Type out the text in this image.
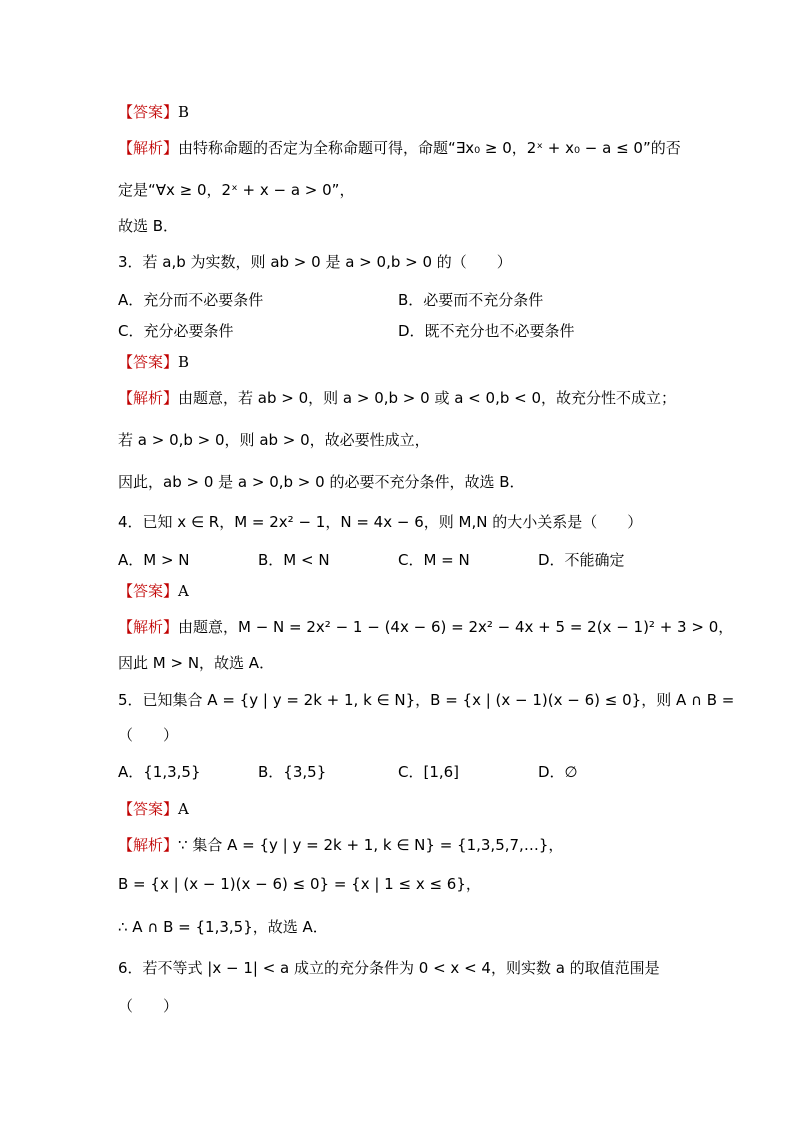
【答案】B
【解析】由特称命题的否定为全称命题可得，命题“∃x₀ ≥ 0，2ˣ + x₀ − a ≤ 0”的否
定是“∀x ≥ 0，2ˣ + x − a > 0”，
故选 B．
3．若 a,b 为实数，则 ab > 0 是 a > 0,b > 0 的（　　）
A．充分而不必要条件	B．必要而不充分条件
C．充分必要条件	D．既不充分也不必要条件
【答案】B
【解析】由题意，若 ab > 0，则 a > 0,b > 0 或 a < 0,b < 0，故充分性不成立；
若 a > 0,b > 0，则 ab > 0，故必要性成立，
因此，ab > 0 是 a > 0,b > 0 的必要不充分条件，故选 B．
4．已知 x ∈ R，M = 2x² − 1，N = 4x − 6，则 M,N 的大小关系是（　　）
A．M > N	B．M < N	C．M = N	D．不能确定
【答案】A
【解析】由题意，M − N = 2x² − 1 − (4x − 6) = 2x² − 4x + 5 = 2(x − 1)² + 3 > 0，
因此 M > N，故选 A．
5．已知集合 A = {y | y = 2k + 1, k ∈ N}，B = {x | (x − 1)(x − 6) ≤ 0}，则 A ∩ B =
（　　）
A．{1,3,5}	B．{3,5}	C．[1,6]	D．∅
【答案】A
【解析】∵ 集合 A = {y | y = 2k + 1, k ∈ N} = {1,3,5,7,…}，
B = {x | (x − 1)(x − 6) ≤ 0} = {x | 1 ≤ x ≤ 6}，
∴ A ∩ B = {1,3,5}，故选 A．
6．若不等式 |x − 1| < a 成立的充分条件为 0 < x < 4，则实数 a 的取值范围是
（　　）
